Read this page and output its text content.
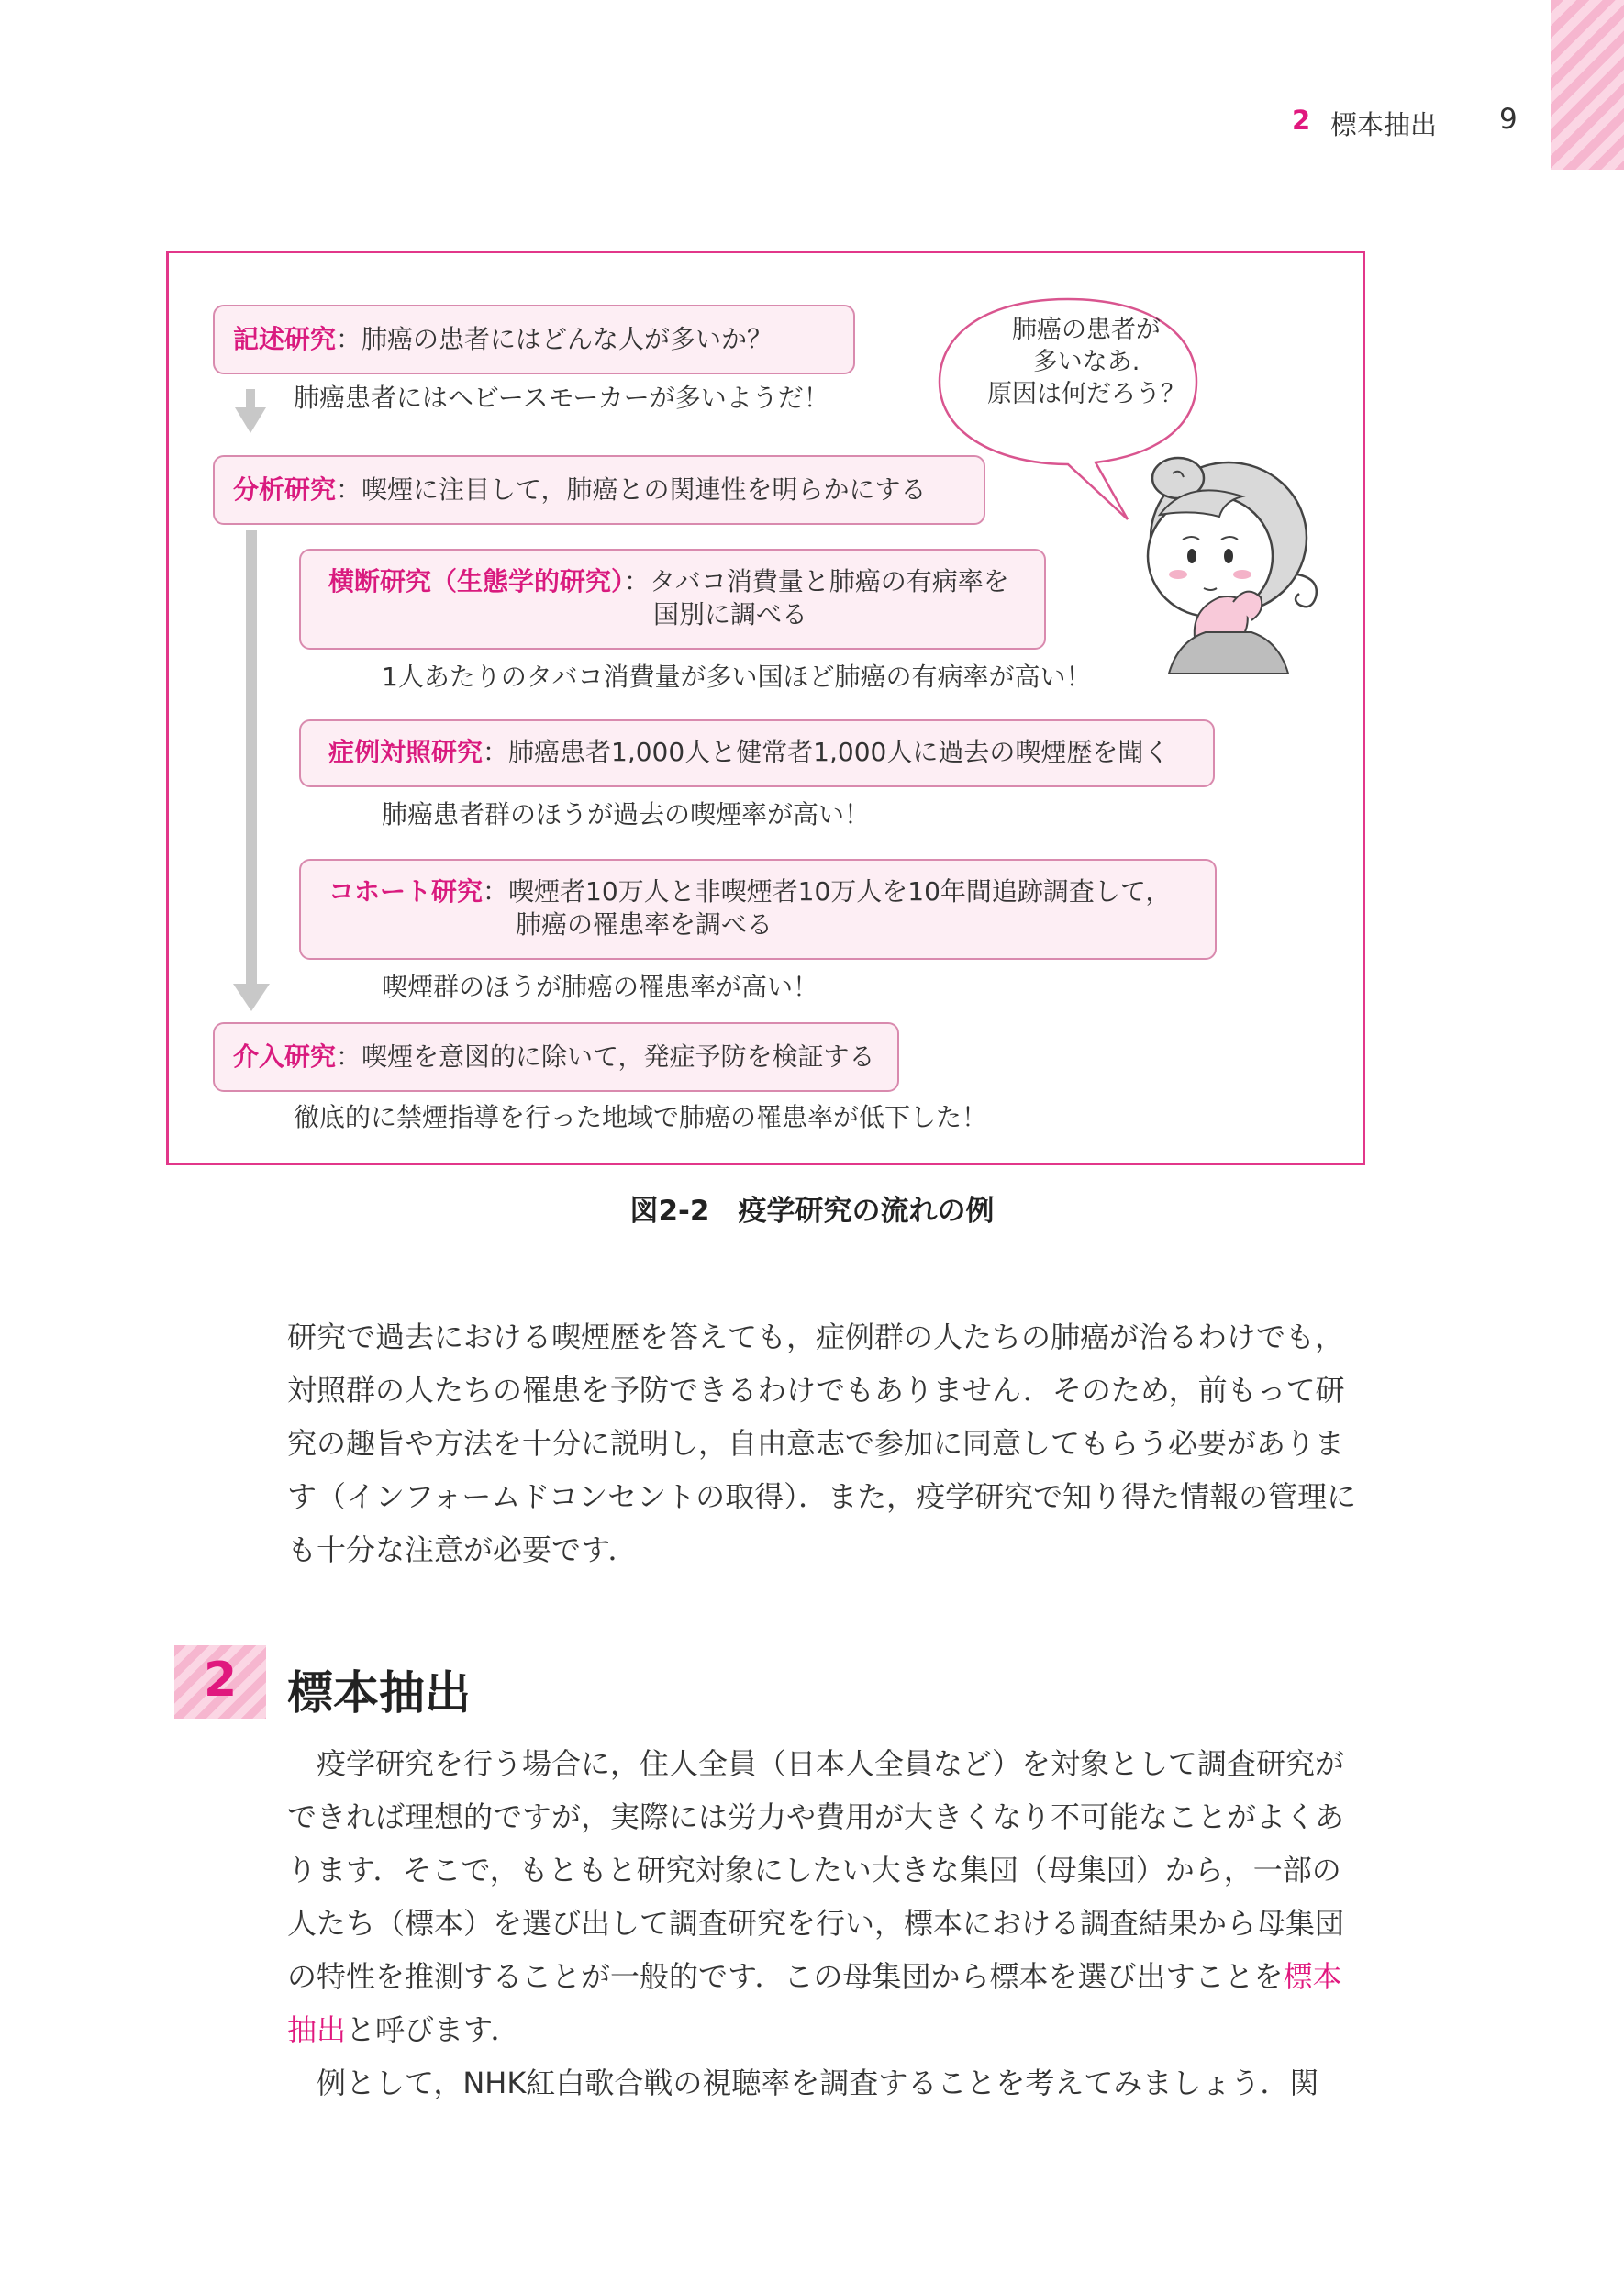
2 標本抽出 9
肺癌の患者が
多いなあ.
原因は何だろう？
記述研究：肺癌の患者にはどんな人が多いか？
肺癌患者にはヘビースモーカーが多いようだ！
分析研究：喫煙に注目して，肺癌との関連性を明らかにする
横断研究（生態学的研究）：タバコ消費量と肺癌の有病率を
国別に調べる
1人あたりのタバコ消費量が多い国ほど肺癌の有病率が高い！
症例対照研究：肺癌患者1,000人と健常者1,000人に過去の喫煙歴を聞く
肺癌患者群のほうが過去の喫煙率が高い！
コホート研究：喫煙者10万人と非喫煙者10万人を10年間追跡調査して，
肺癌の罹患率を調べる
喫煙群のほうが肺癌の罹患率が高い！
介入研究：喫煙を意図的に除いて，発症予防を検証する
徹底的に禁煙指導を行った地域で肺癌の罹患率が低下した！
図2-2　疫学研究の流れの例

研究で過去における喫煙歴を答えても，症例群の人たちの肺癌が治るわけでも，対照群の人たちの罹患を予防できるわけでもありません．そのため，前もって研究の趣旨や方法を十分に説明し，自由意志で参加に同意してもらう必要があります（インフォームドコンセントの取得）．また，疫学研究で知り得た情報の管理にも十分な注意が必要です．

2 標本抽出

疫学研究を行う場合に，住人全員（日本人全員など）を対象として調査研究ができれば理想的ですが，実際には労力や費用が大きくなり不可能なことがよくあります．そこで，もともと研究対象にしたい大きな集団（母集団）から，一部の人たち（標本）を選び出して調査研究を行い，標本における調査結果から母集団の特性を推測することが一般的です．この母集団から標本を選び出すことを標本抽出と呼びます．

例として，NHK紅白歌合戦の視聴率を調査することを考えてみましょう．関
